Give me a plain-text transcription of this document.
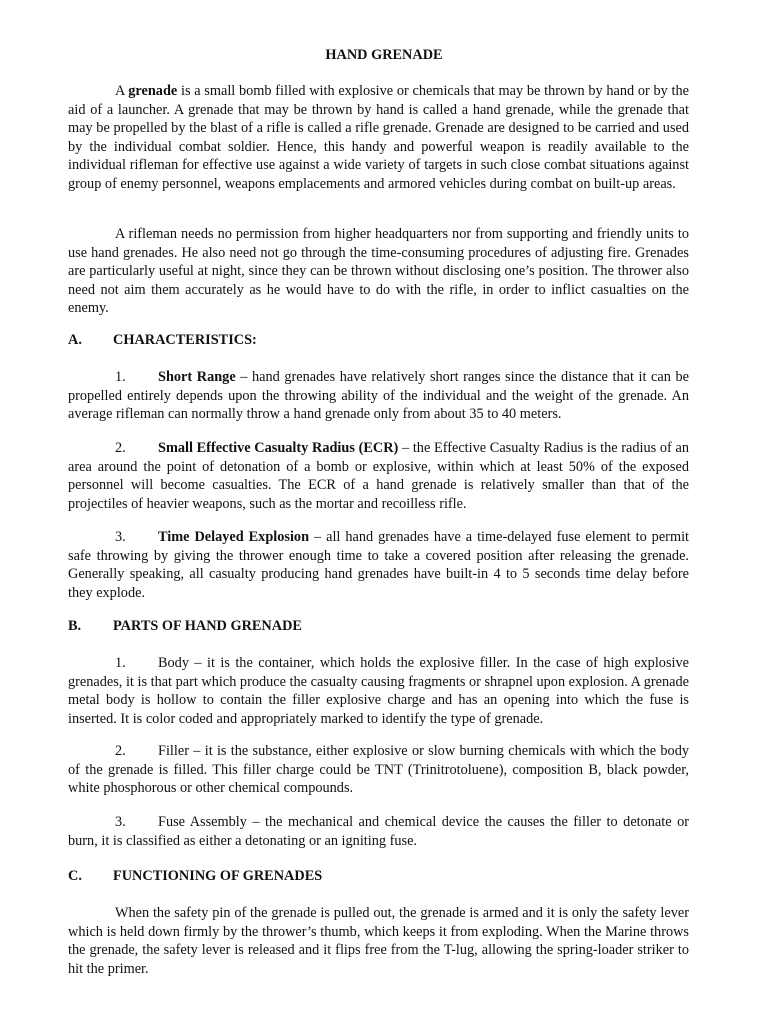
HAND GRENADE

A grenade is a small bomb filled with explosive or chemicals that may be thrown by hand or by the aid of a launcher. A grenade that may be thrown by hand is called a hand grenade, while the grenade that may be propelled by the blast of a rifle is called a rifle grenade. Grenade are designed to be carried and used by the individual combat soldier. Hence, this handy and powerful weapon is readily available to the individual rifleman for effective use against a wide variety of targets in such close combat situations against group of enemy personnel, weapons emplacements and armored vehicles during combat on built-up areas.

A rifleman needs no permission from higher headquarters nor from supporting and friendly units to use hand grenades. He also need not go through the time-consuming procedures of adjusting fire. Grenades are particularly useful at night, since they can be thrown without disclosing one’s position. The thrower also need not aim them accurately as he would have to do with the rifle, in order to inflict casualties on the enemy.

A. CHARACTERISTICS:

1. Short Range – hand grenades have relatively short ranges since the distance that it can be propelled entirely depends upon the throwing ability of the individual and the weight of the grenade. An average rifleman can normally throw a hand grenade only from about 35 to 40 meters.

2. Small Effective Casualty Radius (ECR) – the Effective Casualty Radius is the radius of an area around the point of detonation of a bomb or explosive, within which at least 50% of the exposed personnel will become casualties. The ECR of a hand grenade is relatively smaller than that of the projectiles of heavier weapons, such as the mortar and recoilless rifle.

3. Time Delayed Explosion – all hand grenades have a time-delayed fuse element to permit safe throwing by giving the thrower enough time to take a covered position after releasing the grenade. Generally speaking, all casualty producing hand grenades have built-in 4 to 5 seconds time delay before they explode.

B. PARTS OF HAND GRENADE

1. Body – it is the container, which holds the explosive filler. In the case of high explosive grenades, it is that part which produce the casualty causing fragments or shrapnel upon explosion. A grenade metal body is hollow to contain the filler explosive charge and has an opening into which the fuse is inserted. It is color coded and appropriately marked to identify the type of grenade.

2. Filler – it is the substance, either explosive or slow burning chemicals with which the body of the grenade is filled. This filler charge could be TNT (Trinitrotoluene), composition B, black powder, white phosphorous or other chemical compounds.

3. Fuse Assembly – the mechanical and chemical device the causes the filler to detonate or burn, it is classified as either a detonating or an igniting fuse.

C. FUNCTIONING OF GRENADES

When the safety pin of the grenade is pulled out, the grenade is armed and it is only the safety lever which is held down firmly by the thrower’s thumb, which keeps it from exploding. When the Marine throws the grenade, the safety lever is released and it flips free from the T-lug, allowing the spring-loader striker to hit the primer.
